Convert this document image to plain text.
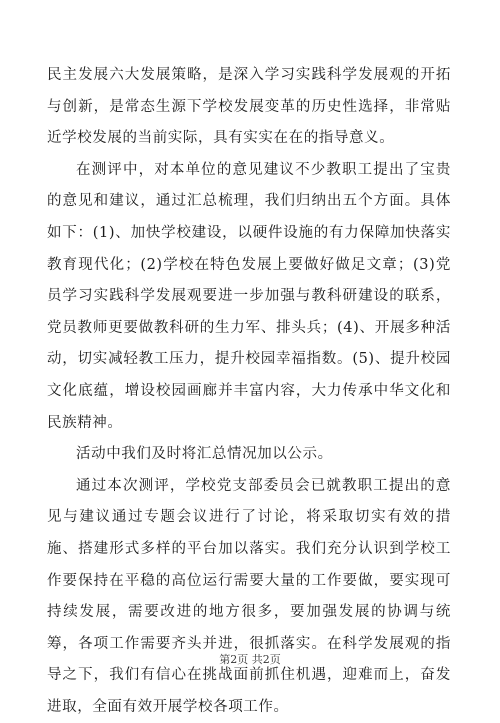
民主发展六大发展策略，是深入学习实践科学发展观的开拓与创新，是常态生源下学校发展变革的历史性选择，非常贴近学校发展的当前实际，具有实实在在的指导意义。

在测评中，对本单位的意见建议不少教职工提出了宝贵的意见和建议，通过汇总梳理，我们归纳出五个方面。具体如下：(1)、加快学校建设，以硬件设施的有力保障加快落实教育现代化；(2)学校在特色发展上要做好做足文章；(3)党员学习实践科学发展观要进一步加强与教科研建设的联系，党员教师更要做教科研的生力军、排头兵；(4)、开展多种活动，切实减轻教工压力，提升校园幸福指数。(5)、提升校园文化底蕴，增设校园画廊并丰富内容，大力传承中华文化和民族精神。

活动中我们及时将汇总情况加以公示。

通过本次测评，学校党支部委员会已就教职工提出的意见与建议通过专题会议进行了讨论，将采取切实有效的措施、搭建形式多样的平台加以落实。我们充分认识到学校工作要保持在平稳的高位运行需要大量的工作要做，要实现可持续发展，需要改进的地方很多，要加强发展的协调与统筹，各项工作需要齐头并进，很抓落实。在科学发展观的指导之下，我们有信心在挑战面前抓住机遇，迎难而上，奋发进取，全面有效开展学校各项工作。

第2页 共2页
